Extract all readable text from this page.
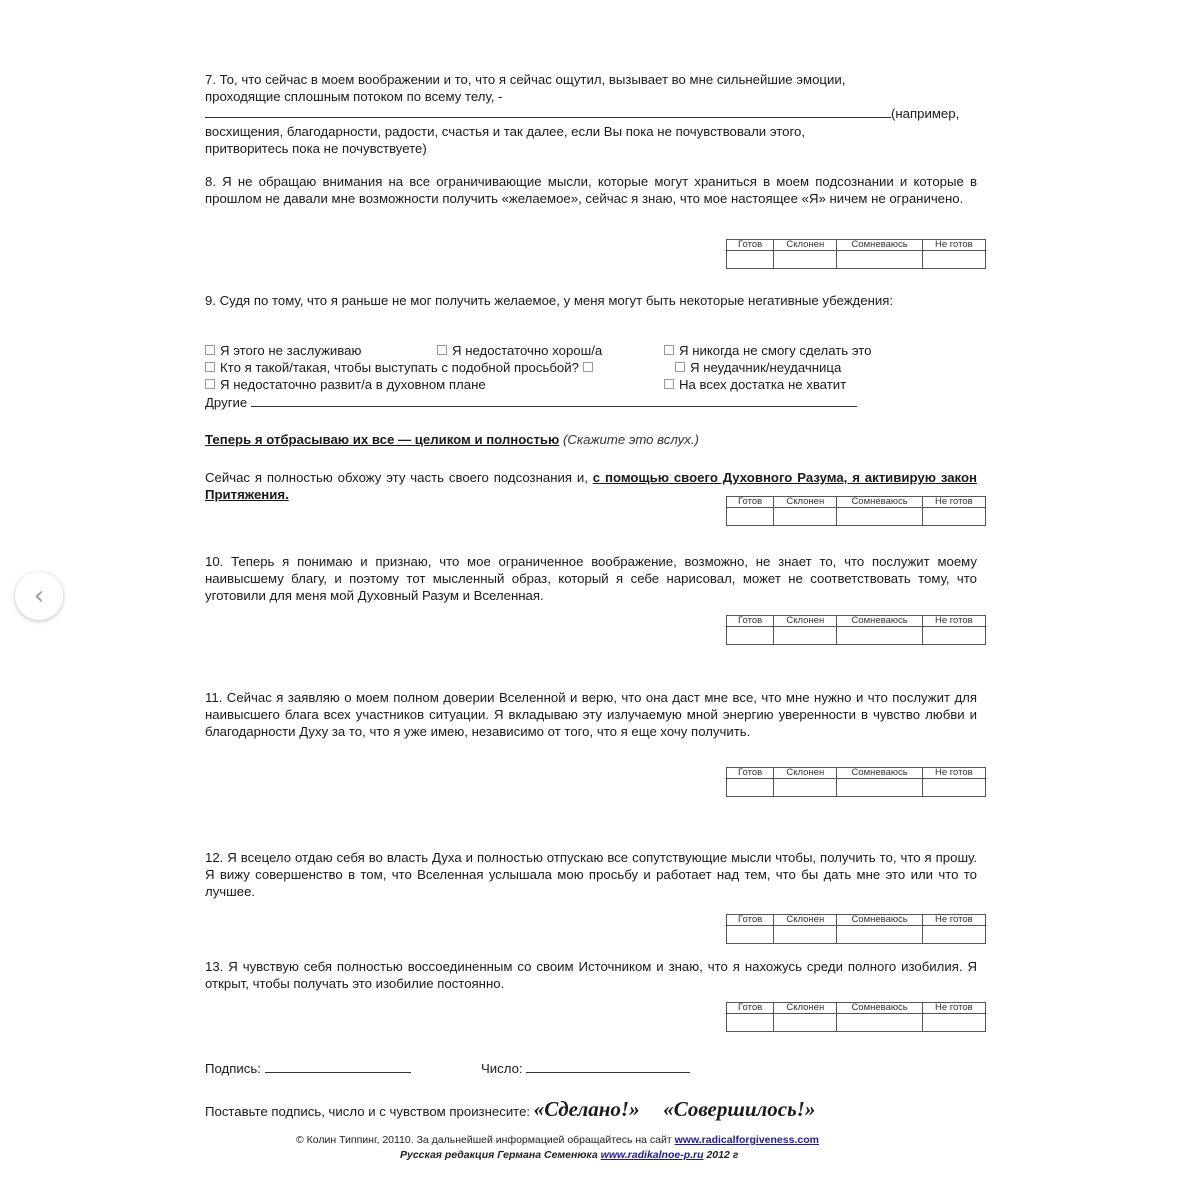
‹
7. То, что сейчас в моем воображении и то, что я сейчас ощутил, вызывает во мне сильнейшие эмоции,
проходящие сплошным потоком по всему телу, -
(например,
восхищения, благодарности, радости, счастья и так далее, если Вы пока не почувствовали этого,
притворитесь пока не почувствуете)
8. Я не обращаю внимания на все ограничивающие мысли, которые могут храниться в моем подсознании и которые в прошлом не давали мне возможности получить «желаемое», сейчас я знаю, что мое настоящее «Я» ничем не ограничено.
Готов	Склонен	Сомневаюсь	Не готов

9. Судя по тому, что я раньше не мог получить желаемое, у меня могут быть некоторые негативные убеждения:
Я этого не заслуживаю	Я недостаточно хорош/а	Я никогда не смогу сделать это
Кто я такой/такая, чтобы выступать с подобной просьбой?	Я неудачник/неудачница
Я недостаточно развит/а в духовном плане	На всех достатка не хватит
Другие
Теперь я отбрасываю их все — целиком и полностью (Скажите это вслух.)
Сейчас я полностью обхожу эту часть своего подсознания и, с помощью своего Духовного Разума, я активирую закон Притяжения.	Готов	Склонен	Сомневаюсь	Не готов

10. Теперь я понимаю и признаю, что мое ограниченное воображение, возможно, не знает то, что послужит моему наивысшему благу, и поэтому тот мысленный образ, который я себе нарисовал, может не соответствовать тому, что уготовили для меня мой Духовный Разум и Вселенная.
Готов	Склонен	Сомневаюсь	Не готов

11. Сейчас я заявляю о моем полном доверии Вселенной и верю, что она даст мне все, что мне нужно и что послужит для наивысшего блага всех участников ситуации. Я вкладываю эту излучаемую мной энергию уверенности в чувство любви и благодарности Духу за то, что я уже имею, независимо от того, что я еще хочу получить.
Готов	Склонен	Сомневаюсь	Не готов

12. Я всецело отдаю себя во власть Духа и полностью отпускаю все сопутствующие мысли чтобы, получить то, что я прошу. Я вижу совершенство в том, что Вселенная услышала мою просьбу и работает над тем, что бы дать мне это или что то лучшее.
Готов	Склонен	Сомневаюсь	Не готов

13. Я чувствую себя полностью воссоединенным со своим Источником и знаю, что я нахожусь среди полного изобилия. Я открыт, чтобы получать это изобилие постоянно.
Готов	Склонен	Сомневаюсь	Не готов

Подпись:	Число:
Поставьте подпись, число и с чувством произнесите: «Сделано!» «Совершилось!»
© Колин Типпинг, 20110. За дальнейшей информацией обращайтесь на сайт www.radicalforgiveness.com
Русская редакция Германа Семенюка www.radikalnoe-p.ru 2012 г
